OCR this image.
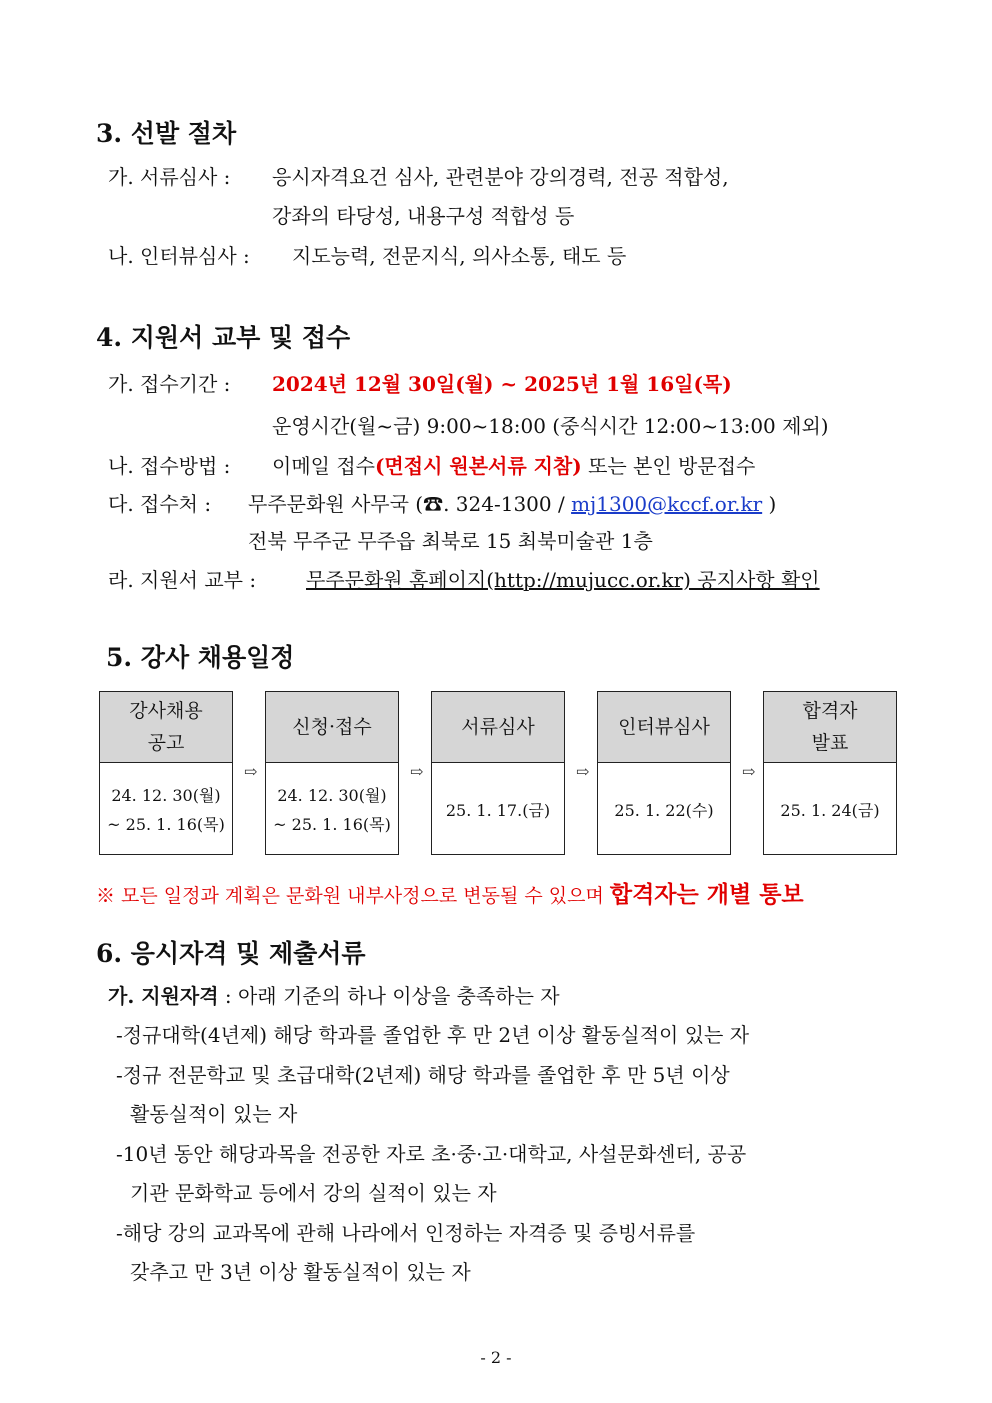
3. 선발 절차
가. 서류심사 : 응시자격요건 심사, 관련분야 강의경력, 전공 적합성,
강좌의 타당성, 내용구성 적합성 등
나. 인터뷰심사 : 지도능력, 전문지식, 의사소통, 태도 등
4. 지원서 교부 및 접수
가. 접수기간 : 2024년 12월 30일(월) ~ 2025년 1월 16일(목)
운영시간(월~금) 9:00~18:00 (중식시간 12:00~13:00 제외)
나. 접수방법 : 이메일 접수(면접시 원본서류 지참) 또는 본인 방문접수
다. 접수처 : 무주문화원 사무국 (☎. 324-1300 / mj1300@kccf.or.kr )
전북 무주군 무주읍 최북로 15 최북미술관 1층
라. 지원서 교부 : 무주문화원 홈페이지(http://mujucc.or.kr) 공지사항 확인
5. 강사 채용일정
강사채용
공고
24. 12. 30(월)
~ 25. 1. 16(목)
⇨
신청·접수
24. 12. 30(월)
~ 25. 1. 16(목)
⇨
서류심사
25. 1. 17.(금)
⇨
인터뷰심사
25. 1. 22(수)
⇨
합격자
발표
25. 1. 24(금)
※ 모든 일정과 계획은 문화원 내부사정으로 변동될 수 있으며 합격자는 개별 통보
6. 응시자격 및 제출서류
가. 지원자격 : 아래 기준의 하나 이상을 충족하는 자
-정규대학(4년제) 해당 학과를 졸업한 후 만 2년 이상 활동실적이 있는 자
-정규 전문학교 및 초급대학(2년제) 해당 학과를 졸업한 후 만 5년 이상
활동실적이 있는 자
-10년 동안 해당과목을 전공한 자로 초·중·고·대학교, 사설문화센터, 공공
기관 문화학교 등에서 강의 실적이 있는 자
-해당 강의 교과목에 관해 나라에서 인정하는 자격증 및 증빙서류를
갖추고 만 3년 이상 활동실적이 있는 자
- 2 -
